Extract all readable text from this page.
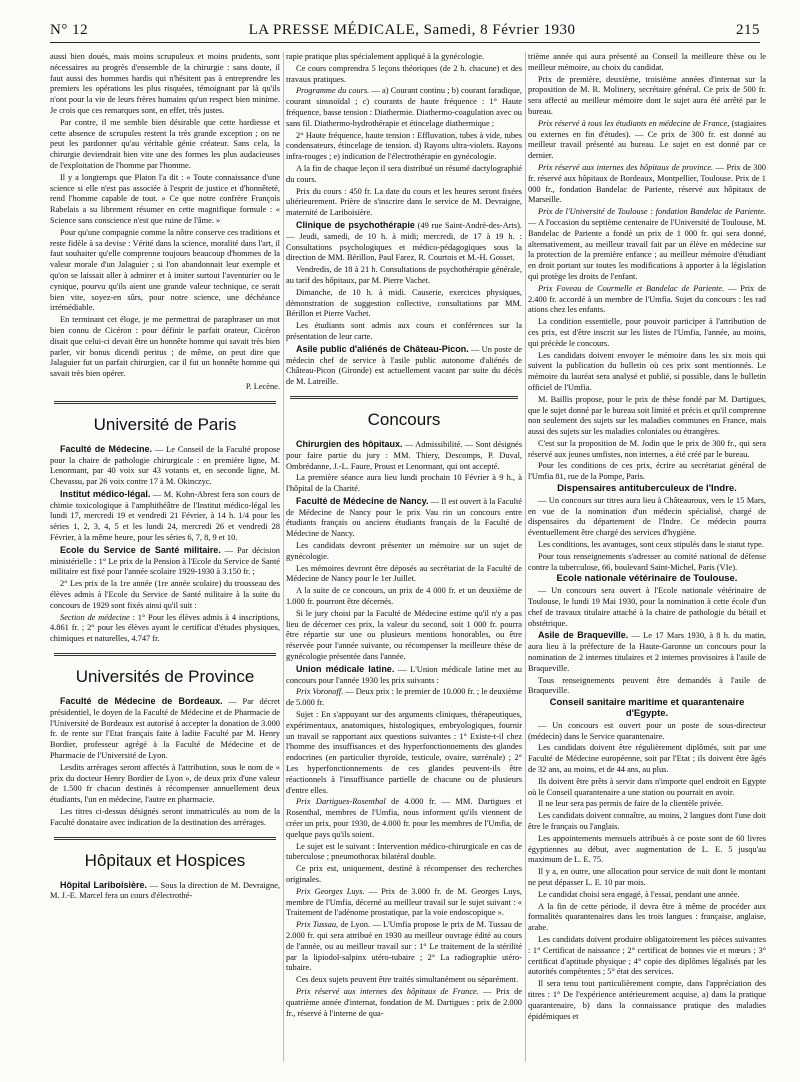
N° 12	LA PRESSE MÉDICALE, Samedi, 8 Février 1930	215

aussi bien doués, mais moins scrupuleux et moins prudents, sont nécessaires au progrès d'ensemble de la chirurgie : sans doute, il faut aussi des hommes hardis qui n'hésitent pas à entreprendre les premiers les opérations les plus risquées, témoignant par là qu'ils n'ont pour la vie de leurs frères humains qu'un respect bien minime. Je crois que ces remarques sont, en effet, très justes.

Par contre, il me semble bien désirable que cette hardiesse et cette absence de scrupules restent la très grande exception ; on ne peut les pardonner qu'au véritable génie créateur. Sans cela, la chirurgie deviendrait bien vite une des formes les plus audacieuses de l'exploitation de l'homme par l'homme.

Il y a longtemps que Platon l'a dit : « Toute connaissance d'une science si elle n'est pas associée à l'esprit de justice et d'honnêteté, rend l'homme capable de tout. » Ce que notre confrère François Rabelais a su librement résumer en cette magnifique formule : « Science sans conscience n'est que ruine de l'âme. »

Pour qu'une compagnie comme la nôtre conserve ces traditions et reste fidèle à sa devise : Vérité dans la science, moralité dans l'art, il faut souhaiter qu'elle comprenne toujours beaucoup d'hommes de la valeur morale d'un Jalaguier ; si l'on abandonnait leur exemple et qu'on se laissait aller à admirer et à imiter surtout l'aventurier ou le cynique, pourvu qu'ils aient une grande valeur technique, ce serait bien vite, soyez-en sûrs, pour notre science, une déchéance irrémédiable.

En terminant cet éloge, je me permettrai de paraphraser un mot bien connu de Cicéron : pour définir le parfait orateur, Cicéron disait que celui-ci devait être un honnête homme qui savait très bien parler, vir bonus dicendi peritus ; de même, on peut dire que Jalaguier fut un parfait chirurgien, car il fut un honnête homme qui savait très bien opérer.

P. Lecène.

Université de Paris

Faculté de Médecine. — Le Conseil de la Faculté propose pour la chaire de pathologie chirurgicale : en première ligne, M. Lenormant, par 40 voix sur 43 votants et, en seconde ligne, M. Chevassu, par 26 voix contre 17 à M. Okinczyc.

Institut médico-légal. — M. Kohn-Abrest fera son cours de chimie toxicologique à l'amphithéâtre de l'Institut médico-légal les lundi 17, mercredi 19 et vendredi 21 Février, à 14 h. 1/4 pour les séries 1, 2, 3, 4, 5 et les lundi 24, mercredi 26 et vendredi 28 Février, à la même heure, pour les séries 6, 7, 8, 9 et 10.

Ecole du Service de Santé militaire. — Par décision ministérielle : 1° Le prix de la Pension à l'Ecole du Service de Santé militaire est fixé pour l'année scolaire 1929-1930 à 3.150 fr. ;

2° Les prix de la 1re année (1re année scolaire) du trousseau des élèves admis à l'Ecole du Service de Santé militaire à la suite du concours de 1929 sont fixés ainsi qu'il suit :

Section de médecine : 1° Pour les élèves admis à 4 inscriptions, 4.861 fr. ; 2° pour les élèves ayant le certificat d'études physiques, chimiques et naturelles, 4.747 fr.

Universités de Province

Faculté de Médecine de Bordeaux. — Par décret présidentiel, le doyen de la Faculté de Médecine et de Pharmacie de l'Université de Bordeaux est autorisé à accepter la donation de 3.000 fr. de rente sur l'Etat français faite à ladite Faculté par M. Henry Bordier, professeur agrégé à la Faculté de Médecine et de Pharmacie de l'Université de Lyon.

Lesdits arrérages seront affectés à l'attribution, sous le nom de « prix du docteur Henry Bordier de Lyon », de deux prix d'une valeur de 1.500 fr chacun destinés à récompenser annuellement deux étudiants, l'un en médecine, l'autre en pharmacie.

Les titres ci-dessus désignés seront immatriculés au nom de la Faculté donataire avec indication de la destination des arrérages.

Hôpitaux et Hospices

Hôpital Lariboisière. — Sous la direction de M. Devraigne, M. J.-E. Marcel fera un cours d'électrothé-

rapie pratique plus spécialement appliqué à la gynécologie.

Ce cours comprendra 5 leçons théoriques (de 2 h. chacune) et des travaux pratiques.

Programme du cours. — a) Courant continu ; b) courant faradique, courant sinusoïdal ; c) courants de haute fréquence : 1° Haute fréquence, basse tension : Diathermie. Diathermo-coagulation avec ou sans fil. Diathermo-hydrothérapie et étincelage diathermique ;

2° Haute fréquence, haute tension : Effluvation, tubes à vide, tubes condensateurs, étincelage de tension. d) Rayons ultra-violets. Rayons infra-rouges ; e) indication de l'électrothérapie en gynécologie.

A la fin de chaque leçon il sera distribué un résumé dactylographié du cours.

Prix du cours : 450 fr. La date du cours et les heures seront fixées ultérieurement. Prière de s'inscrire dans le service de M. Devraigne, maternité de Lariboisière.

Clinique de psychothérapie (49 rue Saint-André-des-Arts). — Jeudi, samedi, de 10 h. à midi; mercredi, de 17 à 19 h. : Consultations psychologiques et médico-pédagogiques sous la direction de MM. Bérillon, Paul Farez, R. Courtois et M.-H. Gosset.

Vendredis, de 18 à 21 h. Consultations de psychothérapie générale, au tarif des hôpitaux, par M. Pierre Vachet.

Dimanche, de 10 h. à midi. Causerie, exercices physiques, démonstration de suggestion collective, consultations par MM. Bérillon et Pierre Vachet.

Les étudiants sont admis aux cours et conférences sur la présentation de leur carte.

Asile public d'aliénés de Château-Picon. — Un poste de médecin chef de service à l'asile public autonome d'aliénés de Château-Picon (Gironde) est actuellement vacant par suite du décès de M. Latreille.

Concours

Chirurgien des hôpitaux. — Admissibilité. — Sont désignés pour faire partie du jury : MM. Thiery, Descomps, P. Duval, Ombrédanne, J.-L. Faure, Proust et Lenormant, qui ont accepté.

La première séance aura lieu lundi prochain 10 Février à 9 h., à l'hôpital de la Charité.

Faculté de Médecine de Nancy. — Il est ouvert à la Faculté de Médecine de Nancy pour le prix Vau rin un concours entre étudiants français ou anciens étudiants français de la Faculté de Médecine de Nancy.

Les candidats devront présenter un mémoire sur un sujet de gynécologie.

Les mémoires devront être déposés au secrétariat de la Faculté de Médecine de Nancy pour le 1er Juillet.

A la suite de ce concours, un prix de 4 000 fr. et un deuxième de 1.000 fr. pourront être décernés.

Si le jury choisi par la Faculté de Médecine estime qu'il n'y a pas lieu de décerner ces prix, la valeur du second, soit 1 000 fr. pourra être répartie sur une ou plusieurs mentions honorables, ou être réservée pour l'année suivante, ou récompenser la meilleure thèse de gynécologie présentée dans l'année.

Union médicale latine. — L'Union médicale latine met au concours pour l'année 1930 les prix suivants :

Prix Voronoff. — Deux prix : le premier de 10.000 fr. ; le deuxième de 5.000 fr.

Sujet : En s'appuyant sur des arguments cliniques, thérapeutiques, expérimentaux, anatomiques, histologiques, embryologiques, fournir un travail se rapportant aux questions suivantes : 1° Existe-t-il chez l'homme des insuffisances et des hyperfonctionnements des glandes endocrines (en particulier thyroïde, testicule, ovaire, surrénale) ; 2° Les hyperfonctionnements de ces glandes peuvent-ils être réactionnels à l'insuffisance partielle de chacune ou de plusieurs d'entre elles.

Prix Dartigues-Rosenthal de 4.000 fr. — MM. Dartigues et Rosenthal, membres de l'Umfia, nous informent qu'ils viennent de créer un prix, pour 1930, de 4.000 fr. pour les membres de l'Umfia, de quelque pays qu'ils soient.

Le sujet est le suivant : Intervention médico-chirurgicale en cas de tuberculose ; pneumothorax bilatéral double.

Ce prix est, uniquement, destiné à récompenser des recherches originales.

Prix Georges Luys. — Prix de 3.000 fr. de M. Georges Luys, membre de l'Umfia, décerné au meilleur travail sur le sujet suivant : « Traitement de l'adénome prostatique, par la voie endoscopique ».

Prix Tussau, de Lyon. — L'Umfia propose le prix de M. Tussau de 2.000 fr. qui sera attribué en 1930 au meilleur ouvrage édité au cours de l'année, ou au meilleur travail sur : 1° Le traitement de la stérilité par la lipiodol-salpinx utéro-tubaire ; 2° La radiographie utéro-tubaire.

Ces deux sujets peuvent être traités simultanément ou séparément.

Prix réservé aux internes des hôpitaux de France. — Prix de quatrième année d'internat, fondation de M. Dartigues : prix de 2.000 fr., réservé à l'interne de qua-

trième année qui aura présenté au Conseil la meilleure thèse ou le meilleur mémoire, au choix du candidat.

Prix de première, deuxième, troisième années d'internat sur la proposition de M. R. Molinery, secrétaire général. Ce prix de 500 fr. sera affecté au meilleur mémoire dont le sujet aura été arrêté par le bureau.

Prix réservé à tous les étudiants en médecine de France, (stagiaires ou externes en fin d'études). — Ce prix de 300 fr. est donné au meilleur travail présenté au bureau. Le sujet en est donné par ce dernier.

Prix réservé aux internes des hôpitaux de province. — Prix de 300 fr. réservé aux hôpitaux de Bordeaux, Montpellier, Toulouse. Prix de 1 000 fr., fondation Bandelac de Pariente, réservé aux hôpitaux de Marseille.

Prix de l'Université de Toulouse : fondation Bandelac de Pariente. — A l'occasion du septième centenaire de l'Université de Toulouse, M. Bandelac de Pariente a fondé un prix de 1 000 fr. qui sera donné, alternativement, au meilleur travail fait par un élève en médecine sur la protection de la première enfance ; au meilleur mémoire d'étudiant en droit portant sur toutes les modifications à apporter à la législation qui protège les droits de l'enfant.

Prix Foveau de Courmelle et Bandelac de Pariente. — Prix de 2.400 fr. accordé à un membre de l'Umfia. Sujet du concours : les rad ations chez les enfants.

La condition essentielle, pour pouvoir participer à l'attribution de ces prix, est d'être inscrit sur les listes de l'Umfia, l'année, au moins, qui précède le concours.

Les candidats doivent envoyer le mémoire dans les six mois qui suivent la publication du bulletin où ces prix sont mentionnés. Le mémoire du lauréat sera analysé et publié, si possible, dans le bulletin officiel de l'Umfia.

M. Baillis propose, pour le prix de thèse fondé par M. Dartigues, que le sujet donné par le bureau soit limité et précis et qu'il comprenne non seulement des sujets sur les maladies communes en France, mais aussi des sujets sur les maladies coloniales ou étrangères.

C'est sur la proposition de M. Jodin que le prix de 300 fr., qui sera réservé aux jeunes umfistes, non internes, a été créé par le bureau.

Pour les conditions de ces prix, écrire au secrétariat général de l'Umfia 81, rue de la Pompe, Paris.

Dispensaires antituberculeux de l'Indre.

— Un concours sur titres aura lieu à Châteauroux, vers le 15 Mars, en vue de la nomination d'un médecin spécialisé, chargé de dispensaires du département de l'Indre. Ce médecin pourra éventuellement être chargé des services d'hygiène.

Les conditions, les avantages, sont ceux stipulés dans le statut type.

Pour tous renseignements s'adresser au comité national de défense contre la tuberculose, 66, boulevard Saint-Michel, Paris (VIe).

Ecole nationale vétérinaire de Toulouse.

— Un concours sera ouvert à l'Ecole nationale vétérinaire de Toulouse, le lundi 19 Mai 1930, pour la nomination à cette école d'un chef de travaux titulaire attaché à la chaire de pathologie du bétail et obstétrique.

Asile de Braqueville. — Le 17 Mars 1930, à 8 h. du matin, aura lieu à la préfecture de la Haute-Garonne un concours pour la nomination de 2 internes titulaires et 2 internes provisoires à l'asile de Braqueville.

Tous renseignements peuvent être demandés à l'asile de Braqueville.

Conseil sanitaire maritime et quarantenaire d'Egypte.

— Un concours est ouvert pour un poste de sous-directeur (médecin) dans le Service quarantenaire.

Les candidats doivent être régulièrement diplômés, soit par une Faculté de Médecine européenne, soit par l'Etat ; ils doivent être âgés de 32 ans, au moins, et de 44 ans, au plus.

Ils doivent être prêts à servir dans n'importe quel endroit en Egypte où le Conseil quarantenaire a une station ou pourrait en avoir.

Il ne leur sera pas permis de faire de la clientèle privée.

Les candidats doivent connaître, au moins, 2 langues dont l'une doit être le français ou l'anglais.

Les appointements mensuels attribués à ce poste sont de 60 livres égyptiennes au début, avec augmentation de L. E. 5 jusqu'au maximum de L. E. 75.

Il y a, en outre, une allocation pour service de nuit dont le montant ne peut dépasser L. E. 10 par mois.

Le candidat choisi sera engagé, à l'essai, pendant une année.

A la fin de cette période, il devra être à même de procéder aux formalités quarantenaires dans les trois langues : française, anglaise, arabe.

Les candidats doivent produire obligatoirement les pièces suivantes : 1° Certificat de naissance ; 2° certificat de bonnes vie et mœurs ; 3° certificat d'aptitude physique ; 4° copie des diplômes légalisés par les autorités compétentes ; 5° état des services.

Il sera tenu tout particulièrement compte, dans l'appréciation des titres : 1° De l'expérience antérieurement acquise, a) dans la pratique quarantenaire, b) dans la connaissance pratique des maladies épidémiques et
